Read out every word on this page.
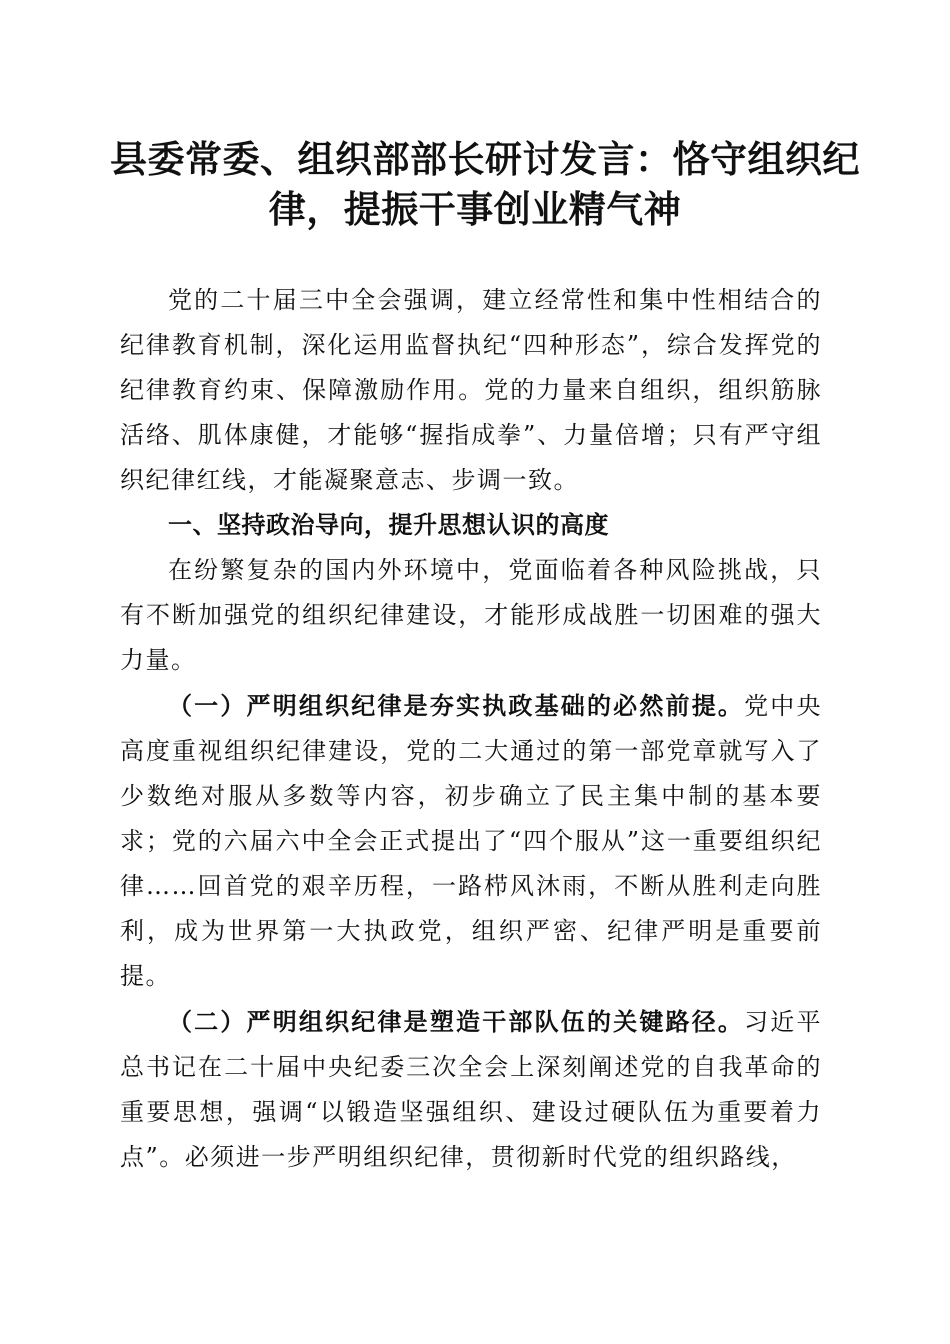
县委常委、组织部部长研讨发言：恪守组织纪
律，提振干事创业精气神

党的二十届三中全会强调，建立经常性和集中性相结合的纪律教育机制，深化运用监督执纪“四种形态”，综合发挥党的纪律教育约束、保障激励作用。党的力量来自组织，组织筋脉活络、肌体康健，才能够“握指成拳”、力量倍增；只有严守组织纪律红线，才能凝聚意志、步调一致。

一、坚持政治导向，提升思想认识的高度

在纷繁复杂的国内外环境中，党面临着各种风险挑战，只有不断加强党的组织纪律建设，才能形成战胜一切困难的强大力量。

（一）严明组织纪律是夯实执政基础的必然前提。党中央高度重视组织纪律建设，党的二大通过的第一部党章就写入了少数绝对服从多数等内容，初步确立了民主集中制的基本要求；党的六届六中全会正式提出了“四个服从”这一重要组织纪律……回首党的艰辛历程，一路栉风沐雨，不断从胜利走向胜利，成为世界第一大执政党，组织严密、纪律严明是重要前提。

（二）严明组织纪律是塑造干部队伍的关键路径。习近平总书记在二十届中央纪委三次全会上深刻阐述党的自我革命的重要思想，强调“以锻造坚强组织、建设过硬队伍为重要着力点”。必须进一步严明组织纪律，贯彻新时代党的组织路线，
